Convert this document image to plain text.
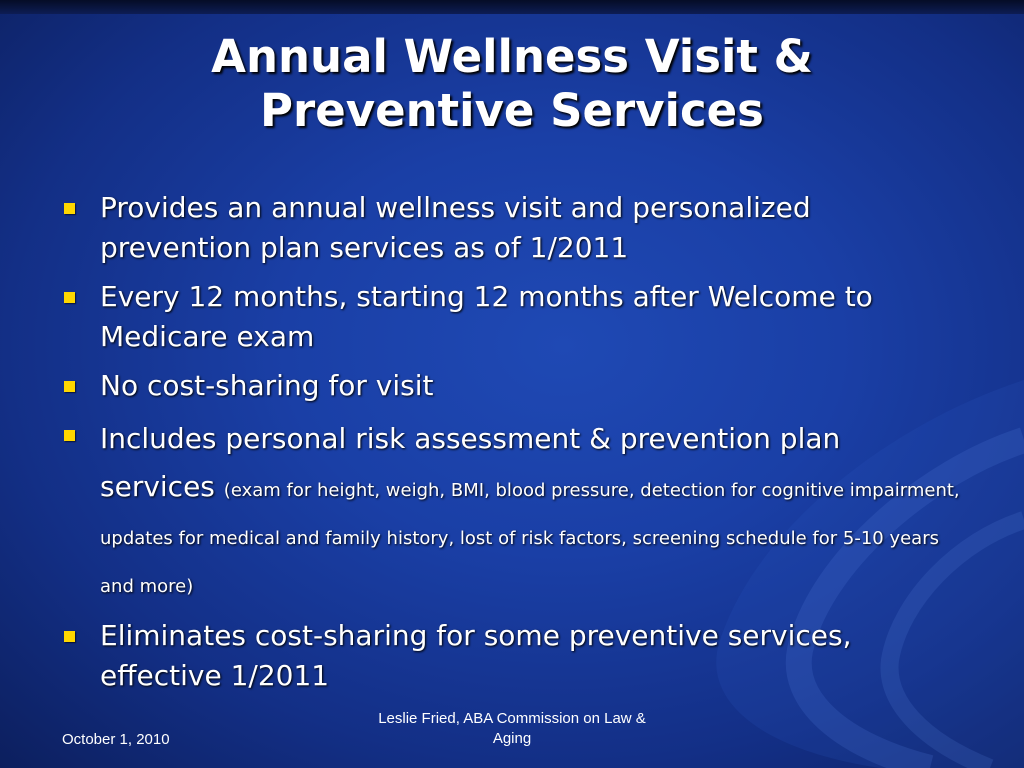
Annual Wellness Visit &
Preventive Services
Provides an annual wellness visit and personalized prevention plan services as of 1/2011
Every 12 months, starting 12 months after Welcome to Medicare exam
No cost-sharing for visit
Includes personal risk assessment & prevention plan services (exam for height, weigh, BMI, blood pressure, detection for cognitive impairment, updates for medical and family history, lost of risk factors, screening schedule for 5-10 years and more)
Eliminates cost-sharing for some preventive services, effective 1/2011
October 1, 2010
Leslie Fried, ABA Commission on Law & Aging
